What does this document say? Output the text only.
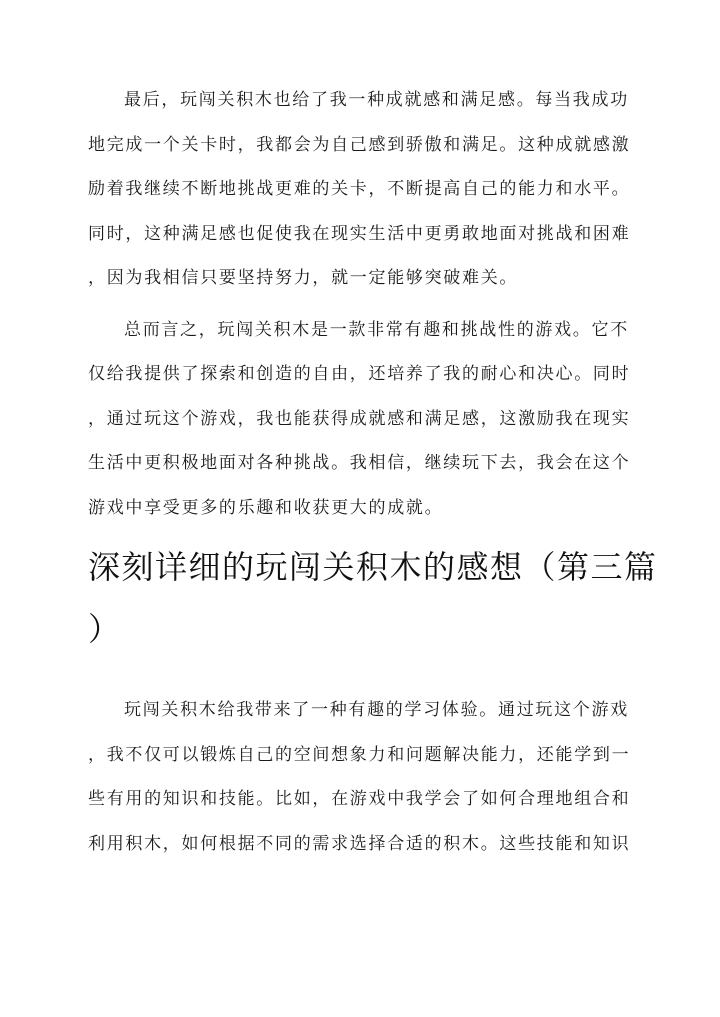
最后，玩闯关积木也给了我一种成就感和满足感。每当我成功
地完成一个关卡时，我都会为自己感到骄傲和满足。这种成就感激
励着我继续不断地挑战更难的关卡，不断提高自己的能力和水平。
同时，这种满足感也促使我在现实生活中更勇敢地面对挑战和困难
，因为我相信只要坚持努力，就一定能够突破难关。
总而言之，玩闯关积木是一款非常有趣和挑战性的游戏。它不
仅给我提供了探索和创造的自由，还培养了我的耐心和决心。同时
，通过玩这个游戏，我也能获得成就感和满足感，这激励我在现实
生活中更积极地面对各种挑战。我相信，继续玩下去，我会在这个
游戏中享受更多的乐趣和收获更大的成就。
深刻详细的玩闯关积木的感想（第三篇
）
玩闯关积木给我带来了一种有趣的学习体验。通过玩这个游戏
，我不仅可以锻炼自己的空间想象力和问题解决能力，还能学到一
些有用的知识和技能。比如，在游戏中我学会了如何合理地组合和
利用积木，如何根据不同的需求选择合适的积木。这些技能和知识
